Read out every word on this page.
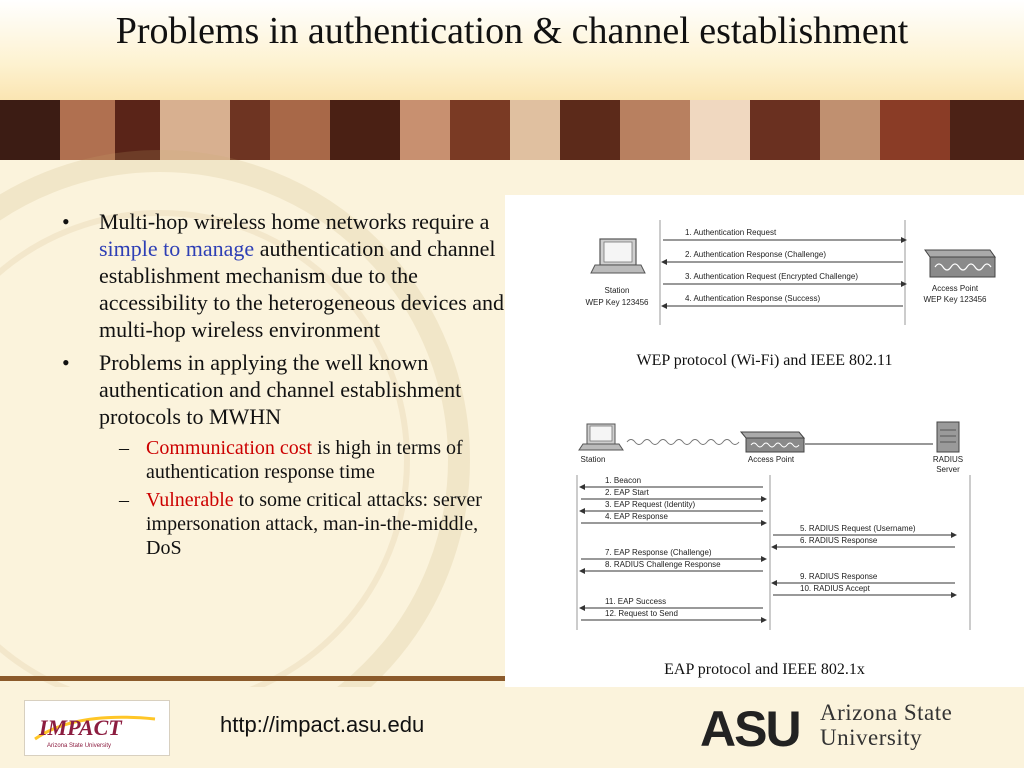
Problems in authentication & channel establishment
• Multi-hop wireless home networks require a simple to manage authentication and channel establishment mechanism due to the accessibility to the heterogeneous devices and multi-hop wireless environment
• Problems in applying the well known authentication and channel establishment protocols to MWHN
– Communication cost is high in terms of authentication response time
– Vulnerable to some critical attacks: server impersonation attack, man-in-the-middle, DoS
Station
WEP Key 123456
1. Authentication Request
2. Authentication Response (Challenge)
3. Authentication Request (Encrypted Challenge)
4. Authentication Response (Success)
Access Point
WEP Key 123456
WEP protocol (Wi-Fi) and IEEE 802.11
Station	Access Point	RADIUS
Server
1. Beacon
2. EAP Start
3. EAP Request (Identity)
4. EAP Response
7. EAP Response (Challenge)
8. RADIUS Challenge Response
11. EAP Success
12. Request to Send
5. RADIUS Request (Username)
6. RADIUS Response
9. RADIUS Response
10. RADIUS Accept
EAP protocol and IEEE 802.1x
IMPACT
Arizona State University
http://impact.asu.edu	ASU Arizona State
University
